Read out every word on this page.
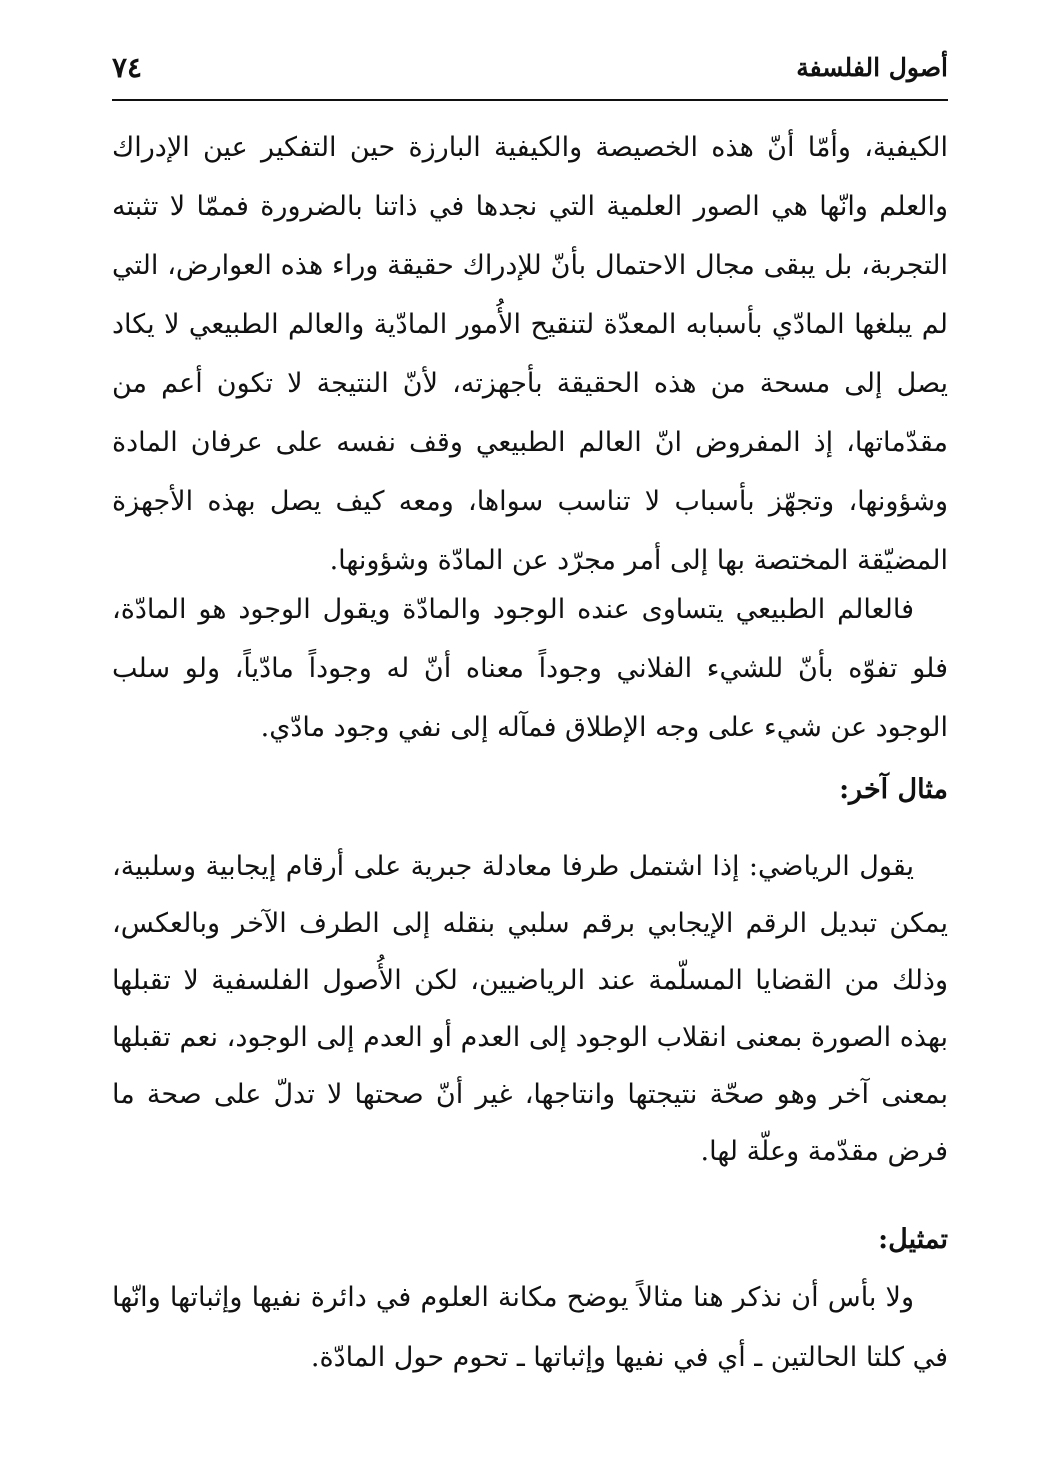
أصول الفلسفة
٧٤

الكيفية، وأمّا أنّ هذه الخصيصة والكيفية البارزة حين التفكير عين الإدراك والعلم وانّها هي الصور العلمية التي نجدها في ذاتنا بالضرورة فممّا لا تثبته التجربة، بل يبقى مجال الاحتمال بأنّ للإدراك حقيقة وراء هذه العوارض، التي لم يبلغها المادّي بأسبابه المعدّة لتنقيح الأُمور المادّية والعالم الطبيعي لا يكاد يصل إلى مسحة من هذه الحقيقة بأجهزته، لأنّ النتيجة لا تكون أعم من مقدّماتها، إذ المفروض انّ العالم الطبيعي وقف نفسه على عرفان المادة وشؤونها، وتجهّز بأسباب لا تناسب سواها، ومعه كيف يصل بهذه الأجهزة المضيّقة المختصة بها إلى أمر مجرّد عن المادّة وشؤونها.

فالعالم الطبيعي يتساوى عنده الوجود والمادّة ويقول الوجود هو المادّة، فلو تفوّه بأنّ للشيء الفلاني وجوداً معناه أنّ له وجوداً مادّياً، ولو سلب الوجود عن شيء على وجه الإطلاق فمآله إلى نفي وجود مادّي.

مثال آخر:

يقول الرياضي: إذا اشتمل طرفا معادلة جبرية على أرقام إيجابية وسلبية، يمكن تبديل الرقم الإيجابي برقم سلبي بنقله إلى الطرف الآخر وبالعكس، وذلك من القضايا المسلّمة عند الرياضيين، لكن الأُصول الفلسفية لا تقبلها بهذه الصورة بمعنى انقلاب الوجود إلى العدم أو العدم إلى الوجود، نعم تقبلها بمعنى آخر وهو صحّة نتيجتها وانتاجها، غير أنّ صحتها لا تدلّ على صحة ما فرض مقدّمة وعلّة لها.

تمثيل:

ولا بأس أن نذكر هنا مثالاً يوضح مكانة العلوم في دائرة نفيها وإثباتها وانّها في كلتا الحالتين ـ أي في نفيها وإثباتها ـ تحوم حول المادّة.
